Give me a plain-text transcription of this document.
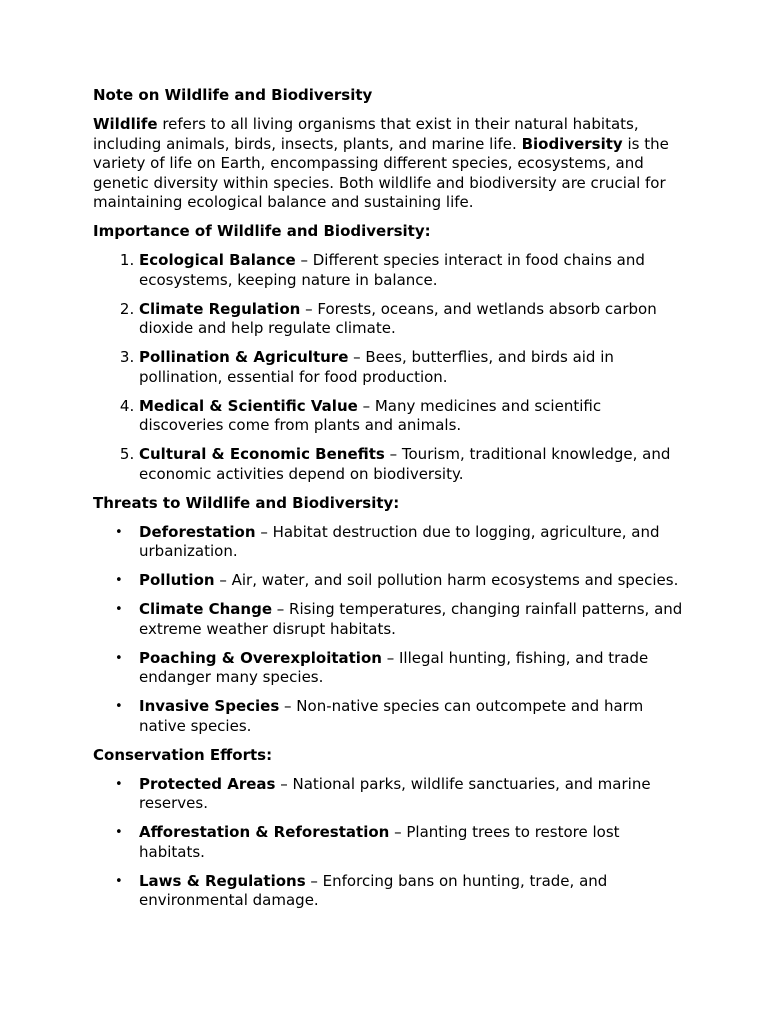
Note on Wildlife and Biodiversity

Wildlife refers to all living organisms that exist in their natural habitats, including animals, birds, insects, plants, and marine life. Biodiversity is the variety of life on Earth, encompassing different species, ecosystems, and genetic diversity within species. Both wildlife and biodiversity are crucial for maintaining ecological balance and sustaining life.

Importance of Wildlife and Biodiversity:

1. Ecological Balance – Different species interact in food chains and ecosystems, keeping nature in balance.
2. Climate Regulation – Forests, oceans, and wetlands absorb carbon dioxide and help regulate climate.
3. Pollination & Agriculture – Bees, butterflies, and birds aid in pollination, essential for food production.
4. Medical & Scientific Value – Many medicines and scientific discoveries come from plants and animals.
5. Cultural & Economic Benefits – Tourism, traditional knowledge, and economic activities depend on biodiversity.

Threats to Wildlife and Biodiversity:

• Deforestation – Habitat destruction due to logging, agriculture, and urbanization.
• Pollution – Air, water, and soil pollution harm ecosystems and species.
• Climate Change – Rising temperatures, changing rainfall patterns, and extreme weather disrupt habitats.
• Poaching & Overexploitation – Illegal hunting, fishing, and trade endanger many species.
• Invasive Species – Non-native species can outcompete and harm native species.

Conservation Efforts:

• Protected Areas – National parks, wildlife sanctuaries, and marine reserves.
• Afforestation & Reforestation – Planting trees to restore lost habitats.
• Laws & Regulations – Enforcing bans on hunting, trade, and environmental damage.
